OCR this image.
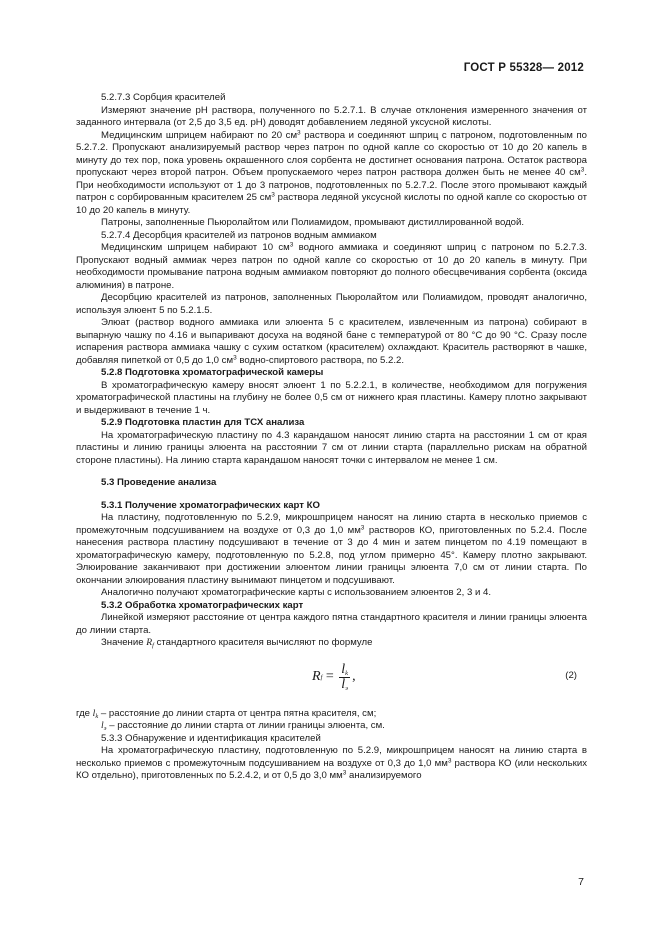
ГОСТ Р 55328— 2012

5.2.7.3 Сорбция красителей

Измеряют значение pH раствора, полученного по 5.2.7.1. В случае отклонения измеренного значения от заданного интервала (от 2,5 до 3,5 ед. pH) доводят добавлением ледяной уксусной кислоты.

Медицинским шприцем набирают по 20 $см^3$ раствора и соединяют шприц с патроном, подготовленным по 5.2.7.2. Пропускают анализируемый раствор через патрон по одной капле со скоростью от 10 до 20 капель в минуту до тех пор, пока уровень окрашенного слоя сорбента не достигнет основания патрона. Остаток раствора пропускают через второй патрон. Объем пропускаемого через патрон раствора должен быть не менее 40 $см^3$. При необходимости используют от 1 до 3 патронов, подготовленных по 5.2.7.2. После этого промывают каждый патрон с сорбированным красителем 25 $см^3$ раствора ледяной уксусной кислоты по одной капле со скоростью от 10 до 20 капель в минуту.

Патроны, заполненные Пьюролайтом или Полиамидом, промывают дистиллированной водой.

5.2.7.4 Десорбция красителей из патронов водным аммиаком

Медицинским шприцем набирают 10 $см^3$ водного аммиака и соединяют шприц с патроном по 5.2.7.3. Пропускают водный аммиак через патрон по одной капле со скоростью от 10 до 20 капель в минуту. При необходимости промывание патрона водным аммиаком повторяют до полного обесцвечивания сорбента (оксида алюминия) в патроне.

Десорбцию красителей из патронов, заполненных Пьюролайтом или Полиамидом, проводят аналогично, используя элюент 5 по 5.2.1.5.

Элюат (раствор водного аммиака или элюента 5 с красителем, извлеченным из патрона) собирают в выпарную чашку по 4.16 и выпаривают досуха на водяной бане с температурой от 80 °С до 90 °С. Сразу после испарения раствора аммиака чашку с сухим остатком (красителем) охлаждают. Краситель растворяют в чашке, добавляя пипеткой от 0,5 до 1,0 $см^3$ водно-спиртового раствора, по 5.2.2.

5.2.8 Подготовка хроматографической камеры

В хроматографическую камеру вносят элюент 1 по 5.2.2.1, в количестве, необходимом для погружения хроматографической пластины на глубину не более 0,5 см от нижнего края пластины. Камеру плотно закрывают и выдерживают в течение 1 ч.

5.2.9 Подготовка пластин для ТСХ анализа

На хроматографическую пластину по 4.3 карандашом наносят линию старта на расстоянии 1 см от края пластины и линию границы элюента на расстоянии 7 см от линии старта (параллельно рискам на обратной стороне пластины). На линию старта карандашом наносят точки с интервалом не менее 1 см.

5.3 Проведение анализа

5.3.1 Получение хроматографических карт КО

На пластину, подготовленную по 5.2.9, микрошприцем наносят на линию старта в несколько приемов с промежуточным подсушиванием на воздухе от 0,3 до 1,0 $мм^3$ растворов КО, приготовленных по 5.2.4. После нанесения раствора пластину подсушивают в течение от 3 до 4 мин и затем пинцетом по 4.19 помещают в хроматографическую камеру, подготовленную по 5.2.8, под углом примерно 45°. Камеру плотно закрывают. Элюирование заканчивают при достижении элюентом линии границы элюента 7,0 см от линии старта. По окончании элюирования пластину вынимают пинцетом и подсушивают.

Аналогично получают хроматографические карты с использованием элюентов 2, 3 и 4.

5.3.2 Обработка хроматографических карт

Линейкой измеряют расстояние от центра каждого пятна стандартного красителя и линии границы элюента до линии старта.

Значение $R_f$ стандартного красителя вычисляют по формуле

R $f = \frac{l_k}{l_э}$ ,	(2)

где $l_k$ – расстояние до линии старта от центра пятна красителя, см;

$l_э$ – расстояние до линии старта от линии границы элюента, см.

5.3.3 Обнаружение и идентификация красителей

На хроматографическую пластину, подготовленную по 5.2.9, микрошприцем наносят на линию старта в несколько приемов с промежуточным подсушиванием на воздухе от 0,3 до 1,0 $мм^3$ раствора КО (или нескольких КО отдельно), приготовленных по 5.2.4.2, и от 0,5 до 3,0 $мм^3$ анализируемого

7
